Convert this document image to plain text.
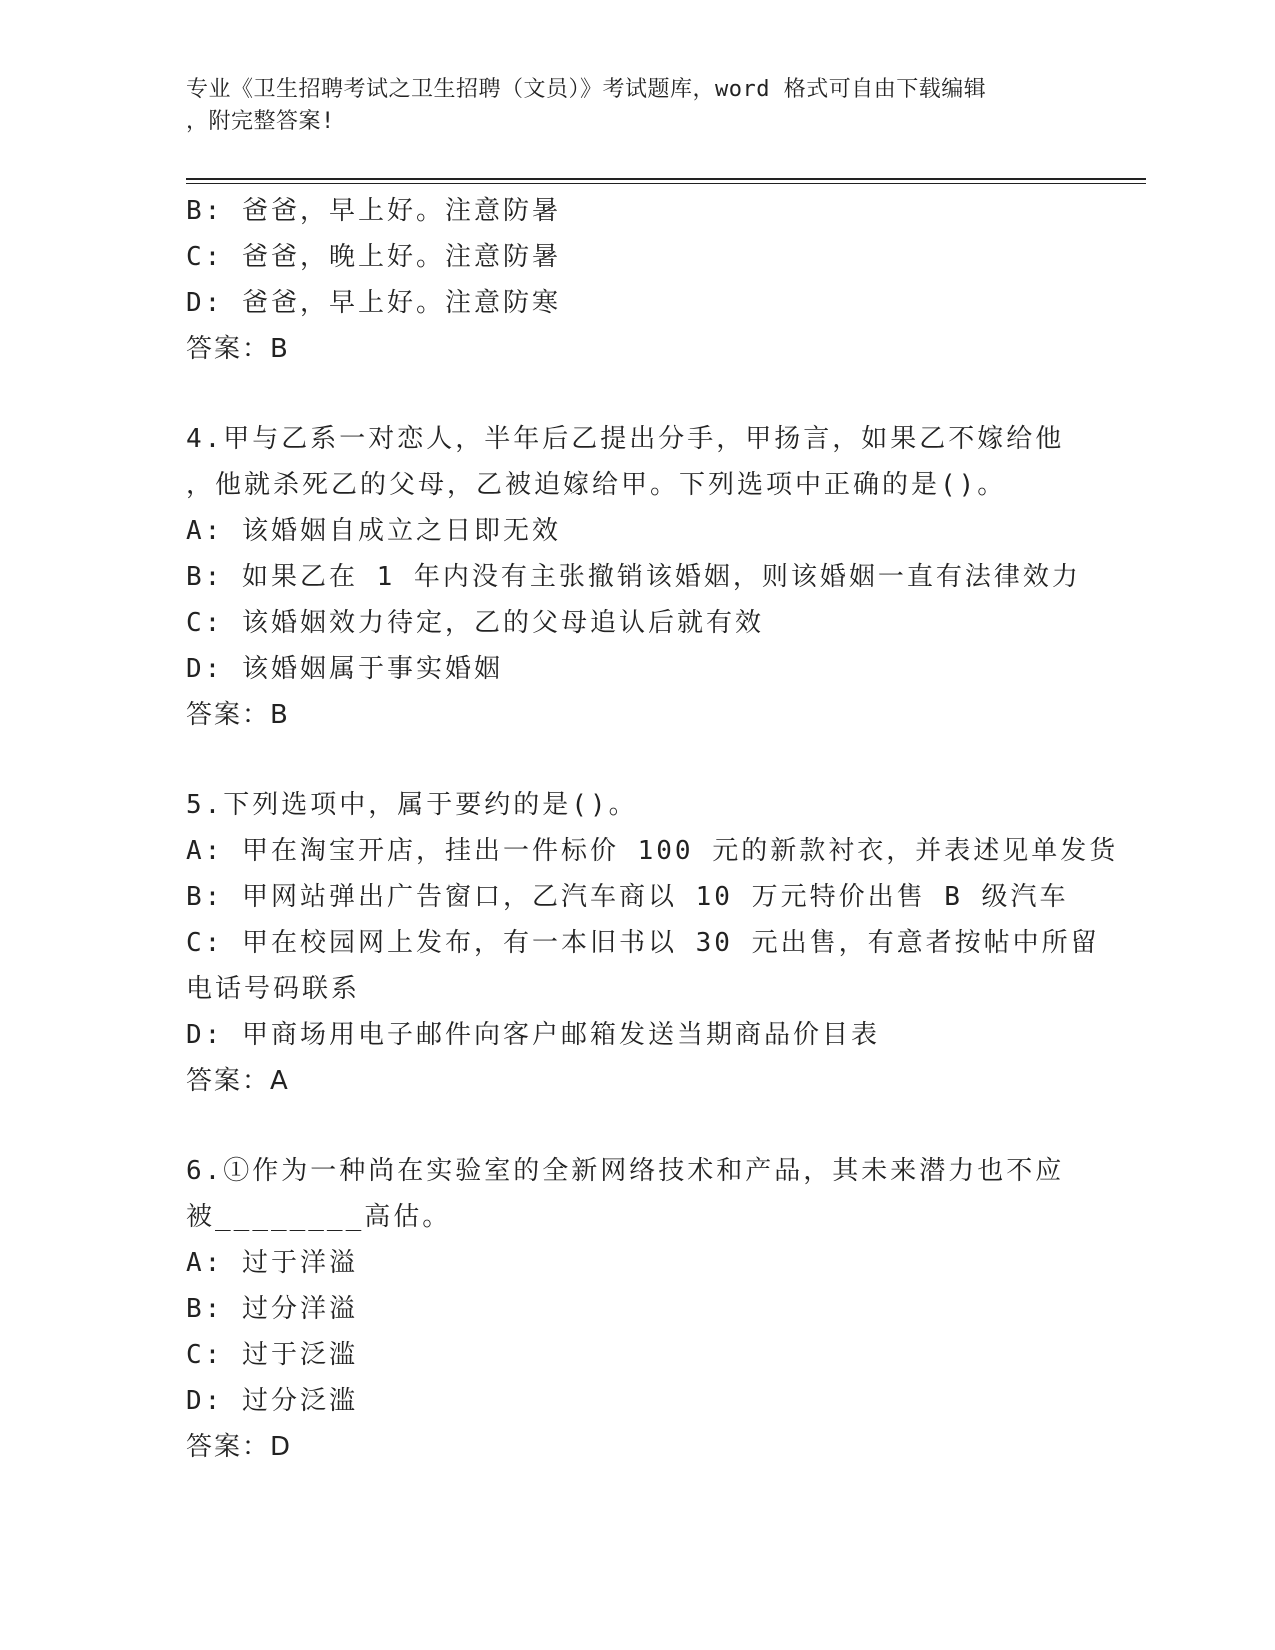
专业《卫生招聘考试之卫生招聘（文员）》考试题库，word 格式可自由下载编辑
，附完整答案!
B: 爸爸，早上好。注意防暑
C: 爸爸，晚上好。注意防暑
D: 爸爸，早上好。注意防寒
答案：B
4.甲与乙系一对恋人，半年后乙提出分手，甲扬言，如果乙不嫁给他
，他就杀死乙的父母，乙被迫嫁给甲。下列选项中正确的是()。
A: 该婚姻自成立之日即无效
B: 如果乙在 1 年内没有主张撤销该婚姻，则该婚姻一直有法律效力
C: 该婚姻效力待定，乙的父母追认后就有效
D: 该婚姻属于事实婚姻
答案：B
5.下列选项中，属于要约的是()。
A: 甲在淘宝开店，挂出一件标价 100 元的新款衬衣，并表述见单发货
B: 甲网站弹出广告窗口，乙汽车商以 10 万元特价出售 B 级汽车
C: 甲在校园网上发布，有一本旧书以 30 元出售，有意者按帖中所留
电话号码联系
D: 甲商场用电子邮件向客户邮箱发送当期商品价目表
答案：A
6.①作为一种尚在实验室的全新网络技术和产品，其未来潜力也不应
被________高估。
A: 过于洋溢
B: 过分洋溢
C: 过于泛滥
D: 过分泛滥
答案：D
